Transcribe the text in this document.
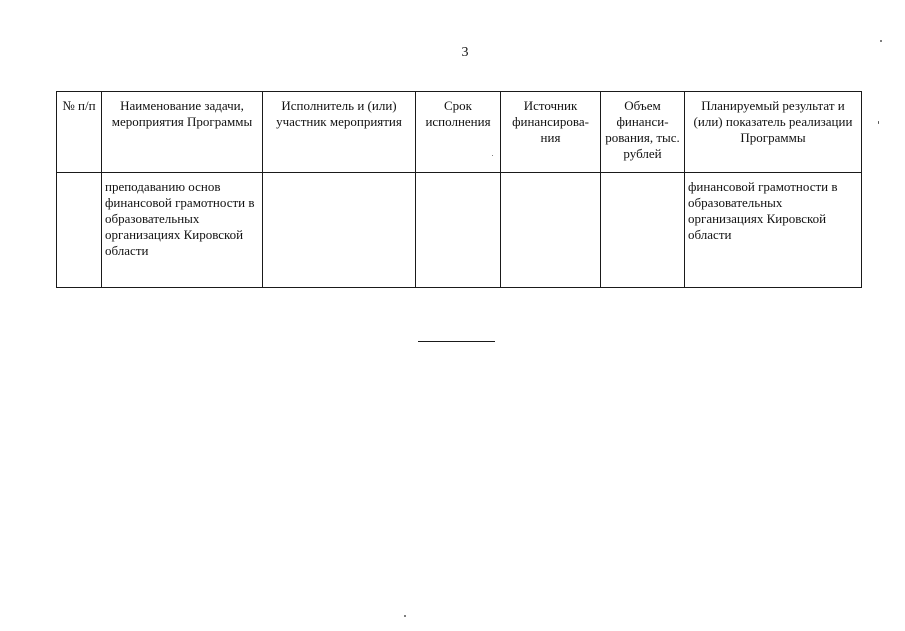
3
№ п/п	Наименование задачи, мероприятия Программы	Исполнитель и (или) участник мероприятия	Срок исполнения	Источник финансирова-ния	Объем финанси-рования, тыс. рублей	Планируемый результат и (или) показатель реализации Программы
	преподаванию основ финансовой грамотности в образовательных организациях Кировской области					финансовой грамотности в образовательных организациях Кировской области
